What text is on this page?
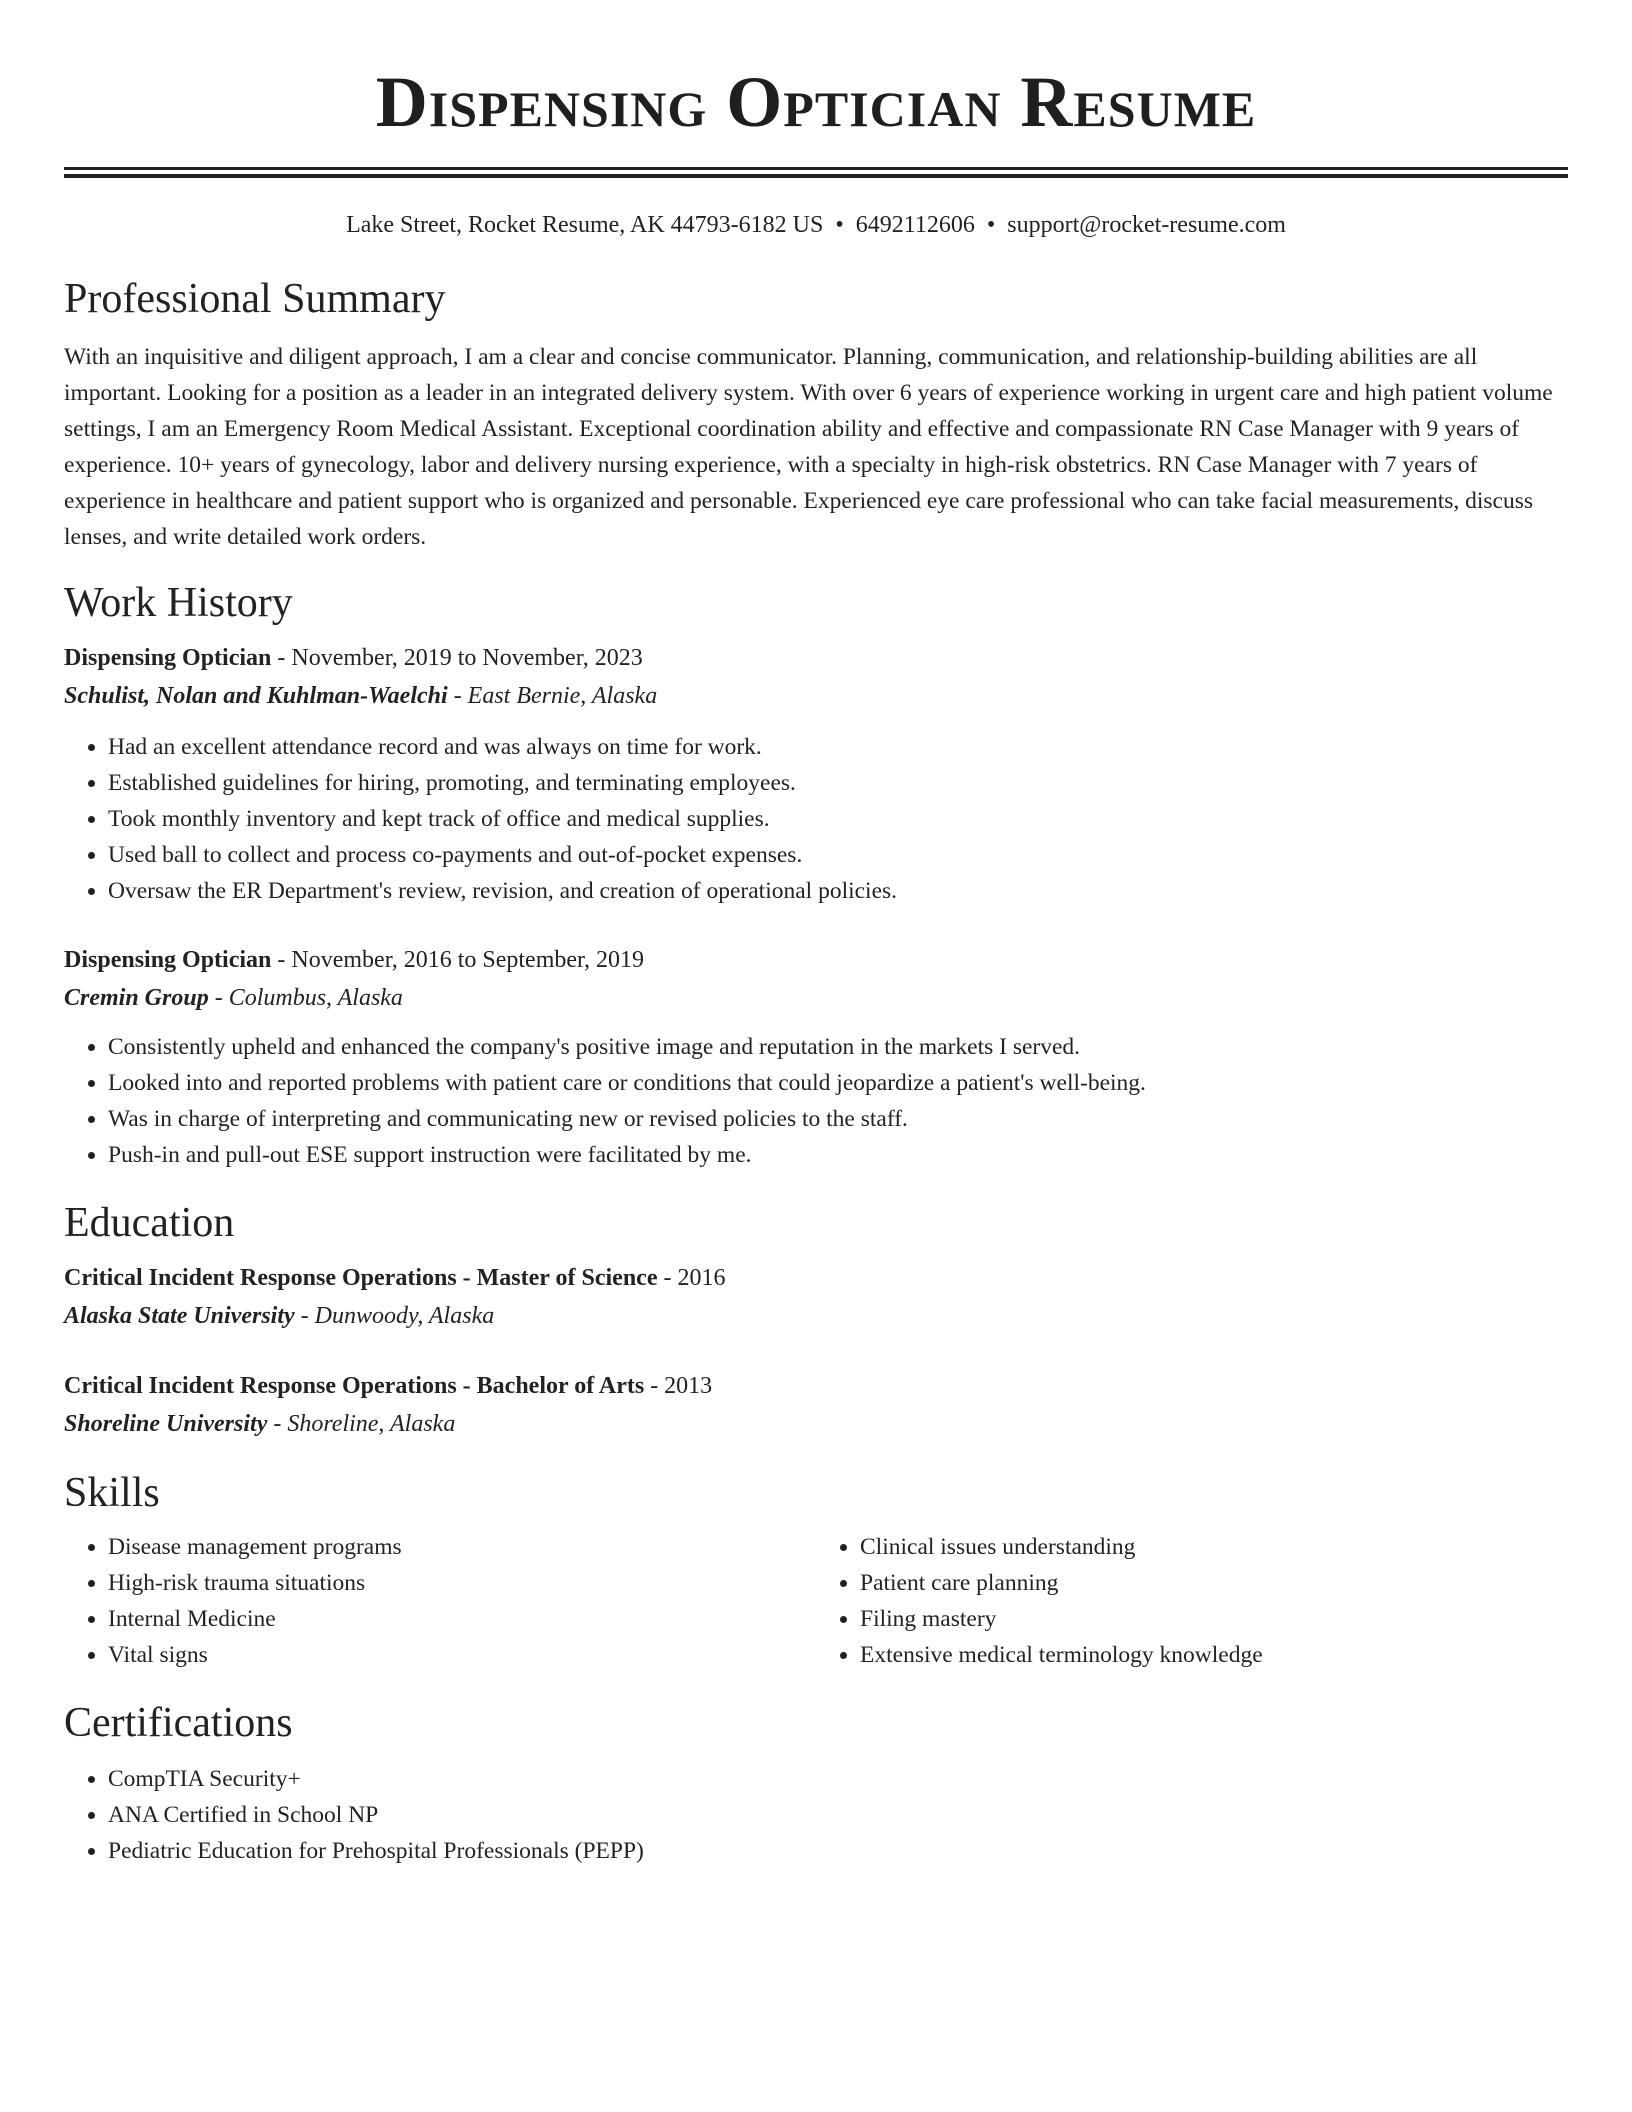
Dispensing Optician Resume
Lake Street, Rocket Resume, AK 44793-6182 US • 6492112606 • support@rocket-resume.com
Professional Summary

With an inquisitive and diligent approach, I am a clear and concise communicator. Planning, communication, and relationship-building abilities are all important. Looking for a position as a leader in an integrated delivery system. With over 6 years of experience working in urgent care and high patient volume settings, I am an Emergency Room Medical Assistant. Exceptional coordination ability and effective and compassionate RN Case Manager with 9 years of experience. 10+ years of gynecology, labor and delivery nursing experience, with a specialty in high-risk obstetrics. RN Case Manager with 7 years of experience in healthcare and patient support who is organized and personable. Experienced eye care professional who can take facial measurements, discuss lenses, and write detailed work orders.

Work History
Dispensing Optician - November, 2019 to November, 2023
Schulist, Nolan and Kuhlman-Waelchi - East Bernie, Alaska
• Had an excellent attendance record and was always on time for work.
• Established guidelines for hiring, promoting, and terminating employees.
• Took monthly inventory and kept track of office and medical supplies.
• Used ball to collect and process co-payments and out-of-pocket expenses.
• Oversaw the ER Department's review, revision, and creation of operational policies.
Dispensing Optician - November, 2016 to September, 2019
Cremin Group - Columbus, Alaska
• Consistently upheld and enhanced the company's positive image and reputation in the markets I served.
• Looked into and reported problems with patient care or conditions that could jeopardize a patient's well-being.
• Was in charge of interpreting and communicating new or revised policies to the staff.
• Push-in and pull-out ESE support instruction were facilitated by me.
Education
Critical Incident Response Operations - Master of Science - 2016
Alaska State University - Dunwoody, Alaska
Critical Incident Response Operations - Bachelor of Arts - 2013
Shoreline University - Shoreline, Alaska
Skills
• Disease management programs
• High-risk trauma situations
• Internal Medicine
• Vital signs
• Clinical issues understanding
• Patient care planning
• Filing mastery
• Extensive medical terminology knowledge
Certifications
• CompTIA Security+
• ANA Certified in School NP
• Pediatric Education for Prehospital Professionals (PEPP)
